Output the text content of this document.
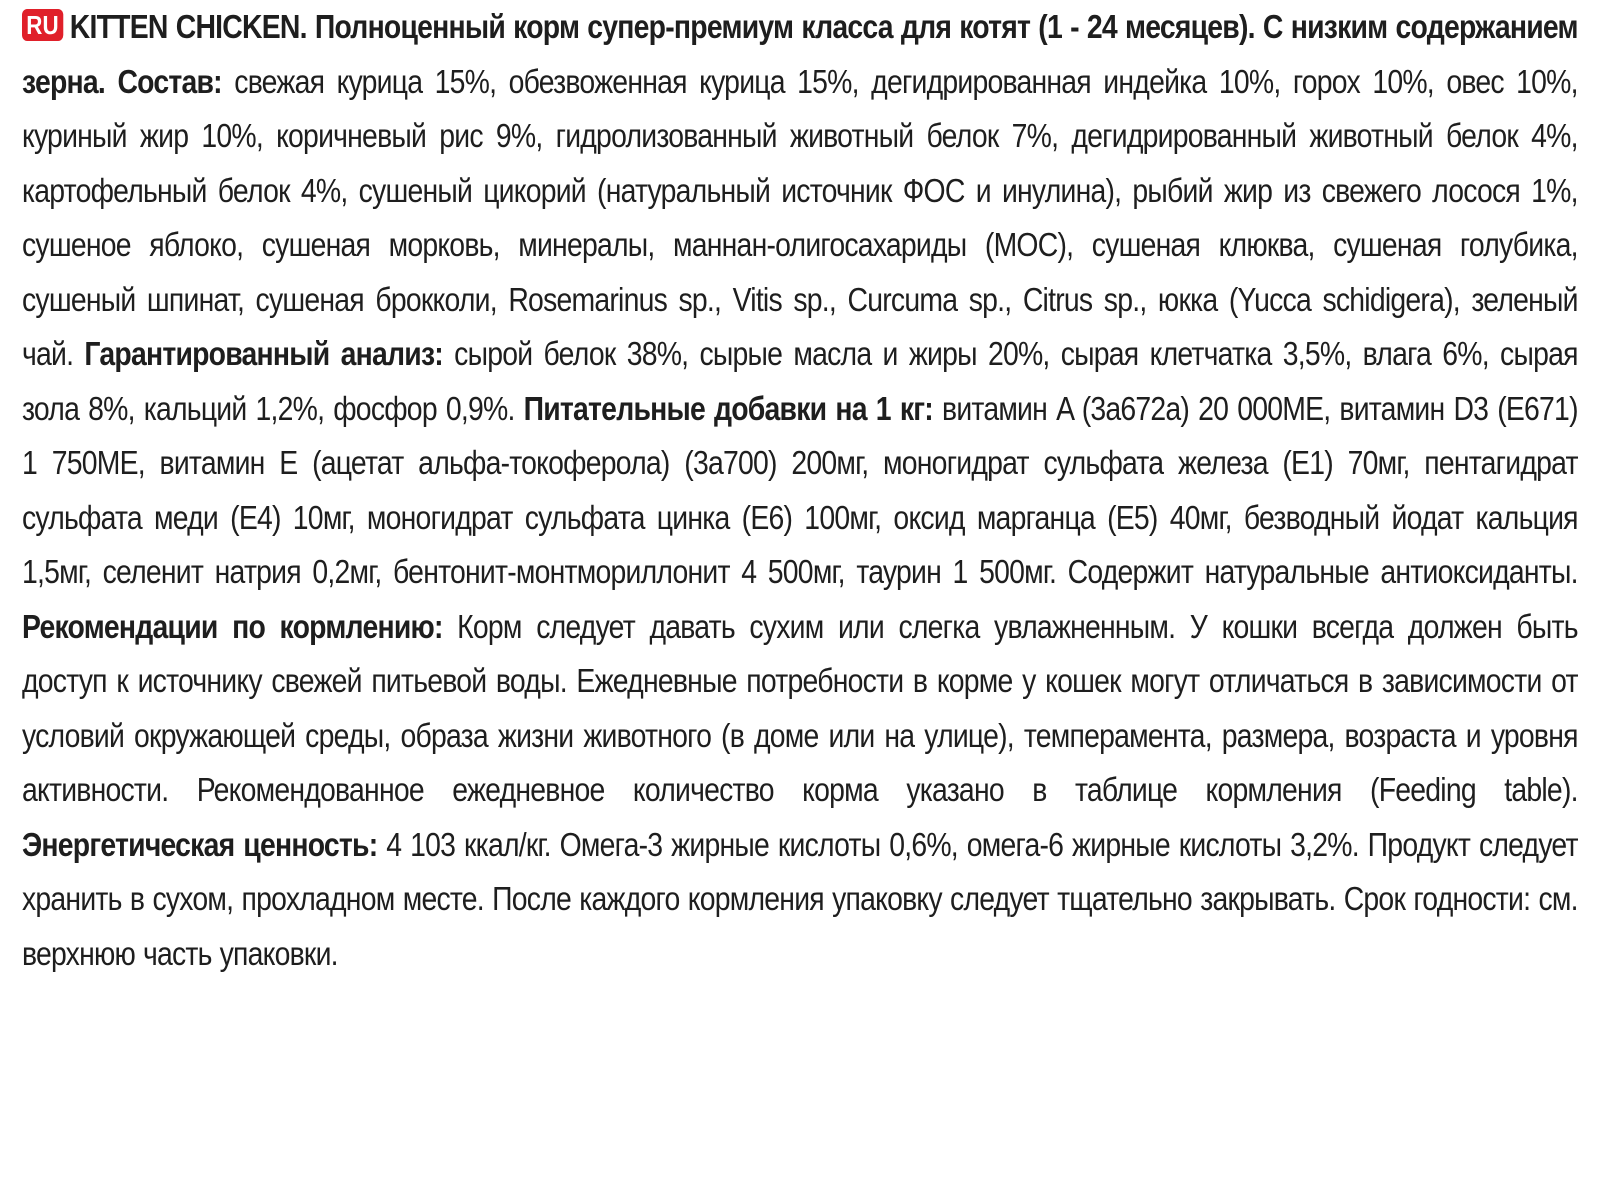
RU KITTEN CHICKEN. Полноценный корм супер-премиум класса для котят (1 - 24 месяцев). С низким содержанием зерна. Состав: свежая курица 15%, обезвоженная курица 15%, дегидрированная индейка 10%, горох 10%, овес 10%, куриный жир 10%, коричневый рис 9%, гидролизованный животный белок 7%, дегидрированный животный белок 4%, картофельный белок 4%, сушеный цикорий (натуральный источник ФОС и инулина), рыбий жир из свежего лосося 1%, сушеное яблоко, сушеная морковь, минералы, маннан-олигосахариды (МОС), сушеная клюква, сушеная голубика, сушеный шпинат, сушеная брокколи, Rosemarinus sp., Vitis sp., Curcuma sp., Citrus sp., юкка (Yucca schidigera), зеленый чай. Гарантированный анализ: сырой белок 38%, сырые масла и жиры 20%, сырая клетчатка 3,5%, влага 6%, сырая зола 8%, кальций 1,2%, фосфор 0,9%. Питательные добавки на 1 кг: витамин A (3a672a) 20 000МЕ, витамин D3 (E671) 1 750МЕ, витамин E (ацетат альфа-токоферола) (3a700) 200мг, моногидрат сульфата железа (E1) 70мг, пентагидрат сульфата меди (E4) 10мг, моногидрат сульфата цинка (E6) 100мг, оксид марганца (E5) 40мг, безводный йодат кальция 1,5мг, селенит натрия 0,2мг, бентонит-монтмориллонит 4 500мг, таурин 1 500мг. Содержит натуральные антиоксиданты. Рекомендации по кормлению: Корм следует давать сухим или слегка увлажненным. У кошки всегда должен быть доступ к источнику свежей питьевой воды. Ежедневные потребности в корме у кошек могут отличаться в зависимости от условий окружающей среды, образа жизни животного (в доме или на улице), темперамента, размера, возраста и уровня активности. Рекомендованное ежедневное количество корма указано в таблице кормления (Feeding table). Энергетическая ценность: 4 103 ккал/кг. Омега-3 жирные кислоты 0,6%, омега-6 жирные кислоты 3,2%. Продукт следует хранить в сухом, прохладном месте. После каждого кормления упаковку следует тщательно закрывать. Срок годности: см. верхнюю часть упаковки.
